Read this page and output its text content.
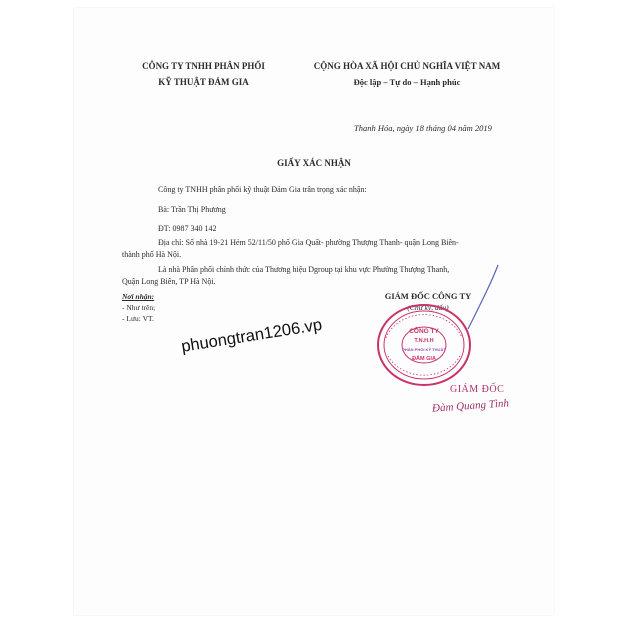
CÔNG TY TNHH PHÂN PHỐI
KỸ THUẬT ĐẢM GIA
CỘNG HÒA XÃ HỘI CHỦ NGHĨA VIỆT NAM
Độc lập – Tự do – Hạnh phúc
Thanh Hóa, ngày 18 tháng 04 năm 2019
GIẤY XÁC NHẬN
Công ty TNHH phân phối kỹ thuật Đảm Gia trân trọng xác nhận:
Bà: Trần Thị Phương
ĐT: 0987 340 142
Địa chỉ: Số nhà 19-21 Hẻm 52/11/50 phố Gia Quất- phường Thượng Thanh- quận Long Biên-
thành phố Hà Nội.
Là nhà Phân phối chính thức của Thương hiệu Dgroup tại khu vực Phường Thượng Thanh,
Quận Long Biên, TP Hà Nội.
Nơi nhận:
- Như trên;
- Lưu: VT.
GIÁM ĐỐC CÔNG TY
(Chữ ký, dấu)
CÔNG TY
T.N.H.H
PHÂN PHỐI KỸ THUẬT
ĐẢM GIA
GIÁM ĐỐC
Đàm Quang Tình
phuongtran1206.vp
